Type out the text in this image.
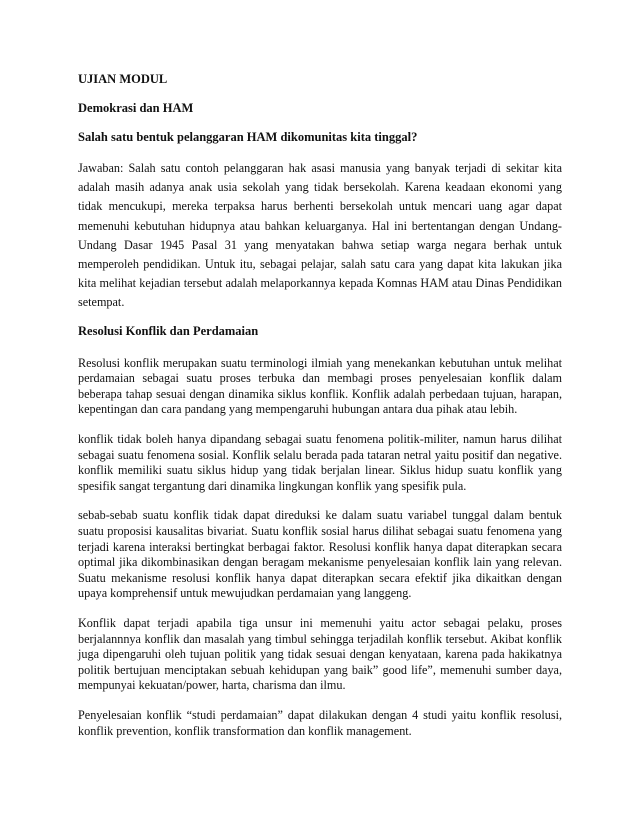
UJIAN MODUL

Demokrasi dan HAM

Salah satu bentuk pelanggaran HAM dikomunitas kita tinggal?

Jawaban: Salah satu contoh pelanggaran hak asasi manusia yang banyak terjadi di sekitar kita adalah masih adanya anak usia sekolah yang tidak bersekolah. Karena keadaan ekonomi yang tidak mencukupi, mereka terpaksa harus berhenti bersekolah untuk mencari uang agar dapat memenuhi kebutuhan hidupnya atau bahkan keluarganya. Hal ini bertentangan dengan Undang-Undang Dasar 1945 Pasal 31 yang menyatakan bahwa setiap warga negara berhak untuk memperoleh pendidikan. Untuk itu, sebagai pelajar, salah satu cara yang dapat kita lakukan jika kita melihat kejadian tersebut adalah melaporkannya kepada Komnas HAM atau Dinas Pendidikan setempat.

Resolusi Konflik dan Perdamaian

Resolusi konflik merupakan suatu terminologi ilmiah yang menekankan kebutuhan untuk melihat perdamaian sebagai suatu proses terbuka dan membagi proses penyelesaian konflik dalam beberapa tahap sesuai dengan dinamika siklus konflik. Konflik adalah perbedaan tujuan, harapan, kepentingan dan cara pandang yang mempengaruhi hubungan antara dua pihak atau lebih.

konflik tidak boleh hanya dipandang sebagai suatu fenomena politik-militer, namun harus dilihat sebagai suatu fenomena sosial. Konflik selalu berada pada tataran netral yaitu positif dan negative. konflik memiliki suatu siklus hidup yang tidak berjalan linear. Siklus hidup suatu konflik yang spesifik sangat tergantung dari dinamika lingkungan konflik yang spesifik pula.

sebab-sebab suatu konflik tidak dapat direduksi ke dalam suatu variabel tunggal dalam bentuk suatu proposisi kausalitas bivariat. Suatu konflik sosial harus dilihat sebagai suatu fenomena yang terjadi karena interaksi bertingkat berbagai faktor. Resolusi konflik hanya dapat diterapkan secara optimal jika dikombinasikan dengan beragam mekanisme penyelesaian konflik lain yang relevan. Suatu mekanisme resolusi konflik hanya dapat diterapkan secara efektif jika dikaitkan dengan upaya komprehensif untuk mewujudkan perdamaian yang langgeng.

Konflik dapat terjadi apabila tiga unsur ini memenuhi yaitu actor sebagai pelaku, proses berjalannnya konflik dan masalah yang timbul sehingga terjadilah konflik tersebut. Akibat konflik juga dipengaruhi oleh tujuan politik yang tidak sesuai dengan kenyataan, karena pada hakikatnya politik bertujuan menciptakan sebuah kehidupan yang baik” good life”, memenuhi sumber daya, mempunyai kekuatan/power, harta, charisma dan ilmu.

Penyelesaian konflik “studi perdamaian” dapat dilakukan dengan 4 studi yaitu konflik resolusi, konflik prevention, konflik transformation dan konflik management.
